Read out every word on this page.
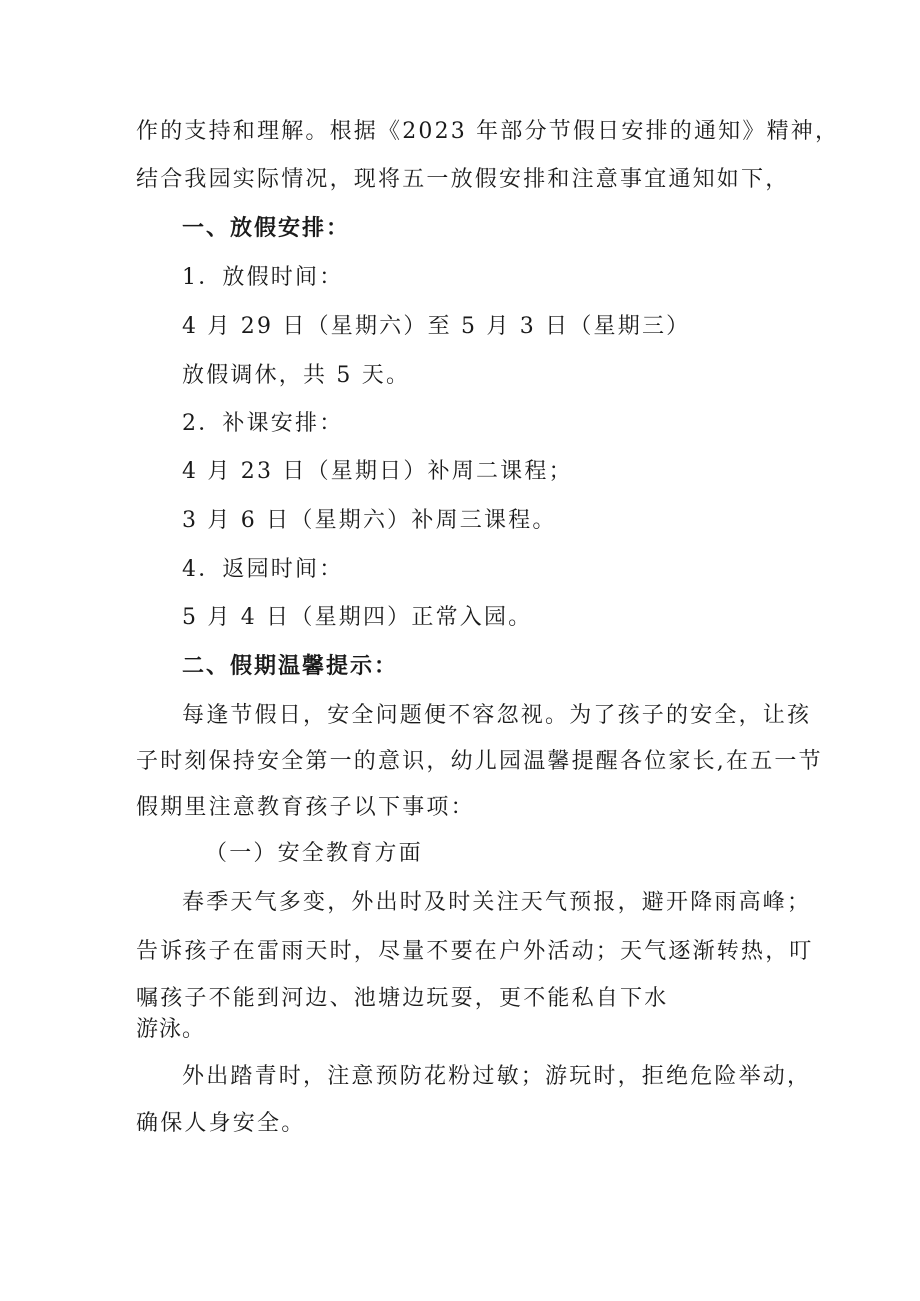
作的支持和理解。根据《2023 年部分节假日安排的通知》精神，
结合我园实际情况，现将五一放假安排和注意事宜通知如下，
一、放假安排：
1．放假时间：
4 月 29 日（星期六）至 5 月 3 日（星期三）
放假调休，共 5 天。
2．补课安排：
4 月 23 日（星期日）补周二课程；
3 月 6 日（星期六）补周三课程。
4．返园时间：
5 月 4 日（星期四）正常入园。
二、假期温馨提示：
每逢节假日，安全问题便不容忽视。为了孩子的安全，让孩
子时刻保持安全第一的意识，幼儿园温馨提醒各位家长,在五一节
假期里注意教育孩子以下事项：
（一）安全教育方面
春季天气多变，外出时及时关注天气预报，避开降雨高峰；
告诉孩子在雷雨天时，尽量不要在户外活动；天气逐渐转热，叮
嘱孩子不能到河边、池塘边玩耍，更不能私自下水
游泳。
外出踏青时，注意预防花粉过敏；游玩时，拒绝危险举动，
确保人身安全。
